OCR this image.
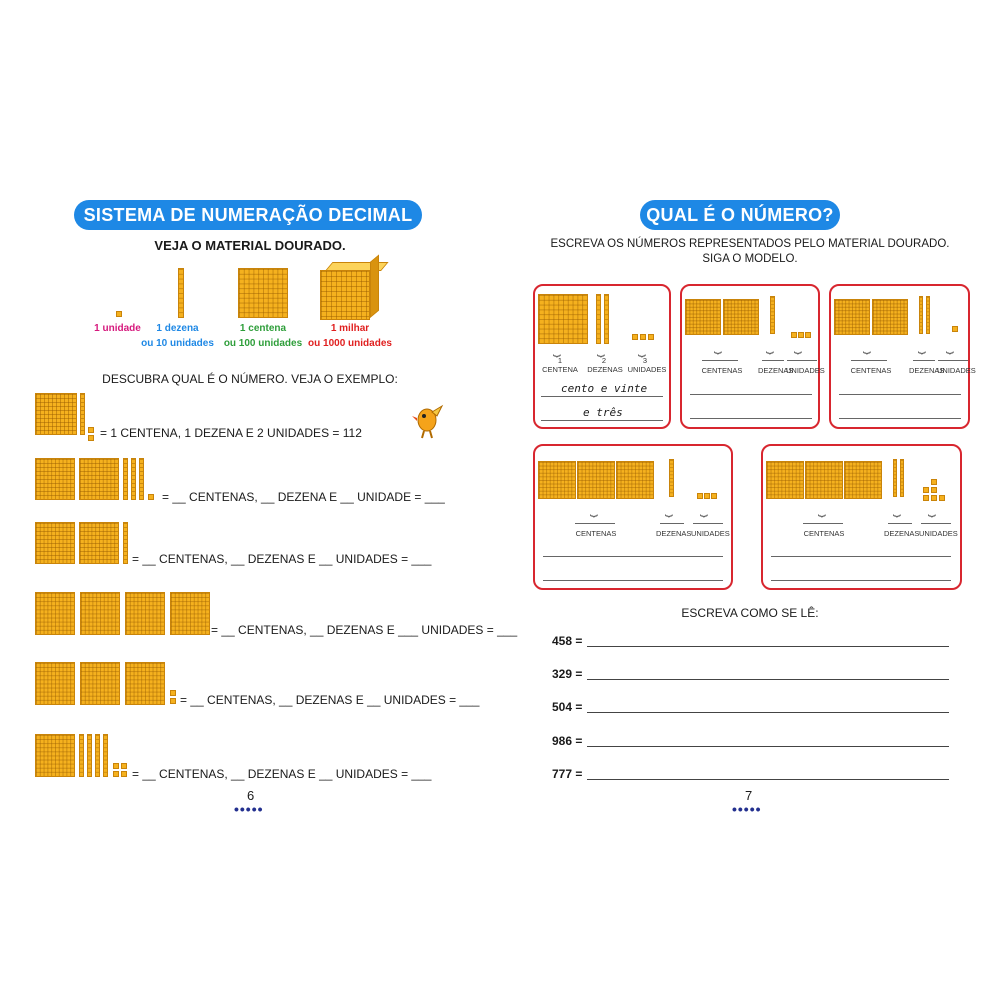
SISTEMA DE NUMERAÇÃO DECIMAL
VEJA O MATERIAL DOURADO.
1 unidade	1 dezena
ou 10 unidades
1 centena
ou 100 unidades
1 milhar
ou 1000 unidades
DESCUBRA QUAL É O NÚMERO. VEJA O EXEMPLO:
= 1 CENTENA, 1 DEZENA E 2 UNIDADES = 112
= __ CENTENAS, __ DEZENA E __ UNIDADE = ___
= __ CENTENAS, __ DEZENAS E __ UNIDADES = ___
= __ CENTENAS, __ DEZENAS E ___ UNIDADES = ___
= __ CENTENAS, __ DEZENAS E __ UNIDADES = ___
= __ CENTENAS, __ DEZENAS E __ UNIDADES = ___
6
•••••
QUAL É O NÚMERO?
ESCREVA OS NÚMEROS REPRESENTADOS PELO MATERIAL DOURADO.
SIGA O MODELO.
⏟	⏟	⏟
1	2	3
CENTENA	DEZENAS UNIDADES
cento e vinte
e três
⏟	⏟ ⏟
CENTENAS DEZENAS
UNIDADES
⏟	⏟ ⏟
CENTENAS DEZENAS
UNIDADES
⏟	⏟ ⏟
CENTENAS	DEZENAS UNIDADES
⏟	⏟ ⏟
CENTENAS	DEZENAS UNIDADES
ESCREVA COMO SE LÊ:
458 =
329 =
504 =
986 =
777 =
7
•••••
